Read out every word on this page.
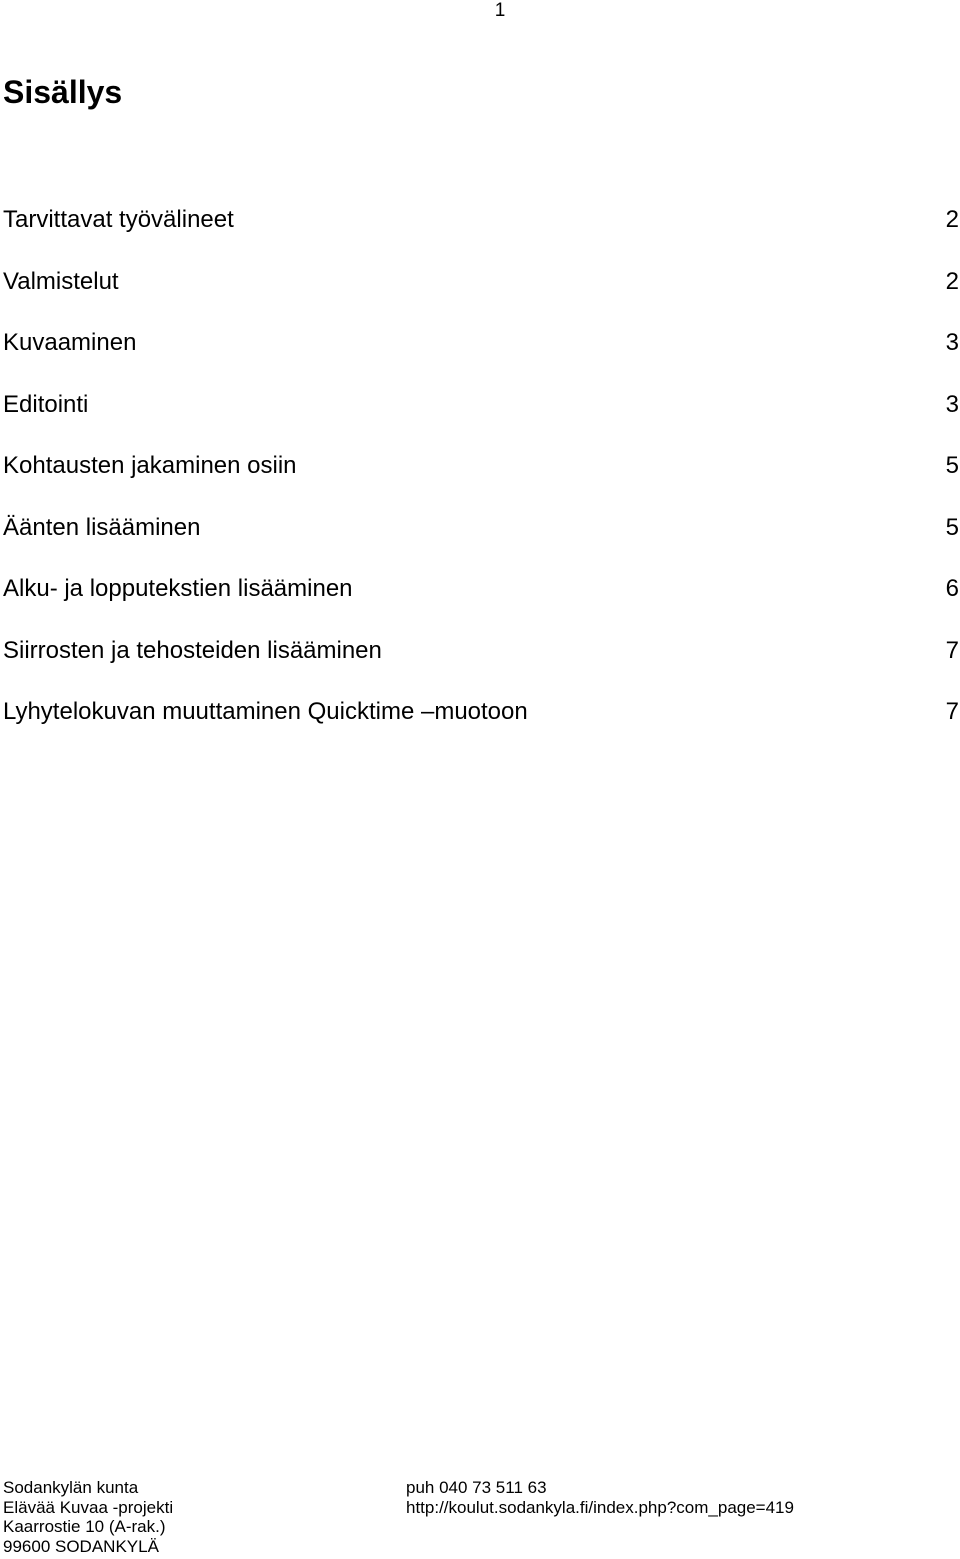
1
Sisällys
Tarvittavat työvälineet	2
Valmistelut	2
Kuvaaminen	3
Editointi	3
Kohtausten jakaminen osiin	5
Äänten lisääminen	5
Alku- ja lopputekstien lisääminen	6
Siirrosten ja tehosteiden lisääminen	7
Lyhytelokuvan muuttaminen Quicktime –muotoon	7
Sodankylän kunta
Elävää Kuvaa -projekti
Kaarrostie 10 (A-rak.)
99600 SODANKYLÄ
puh 040 73 511 63
http://koulut.sodankyla.fi/index.php?com_page=419
